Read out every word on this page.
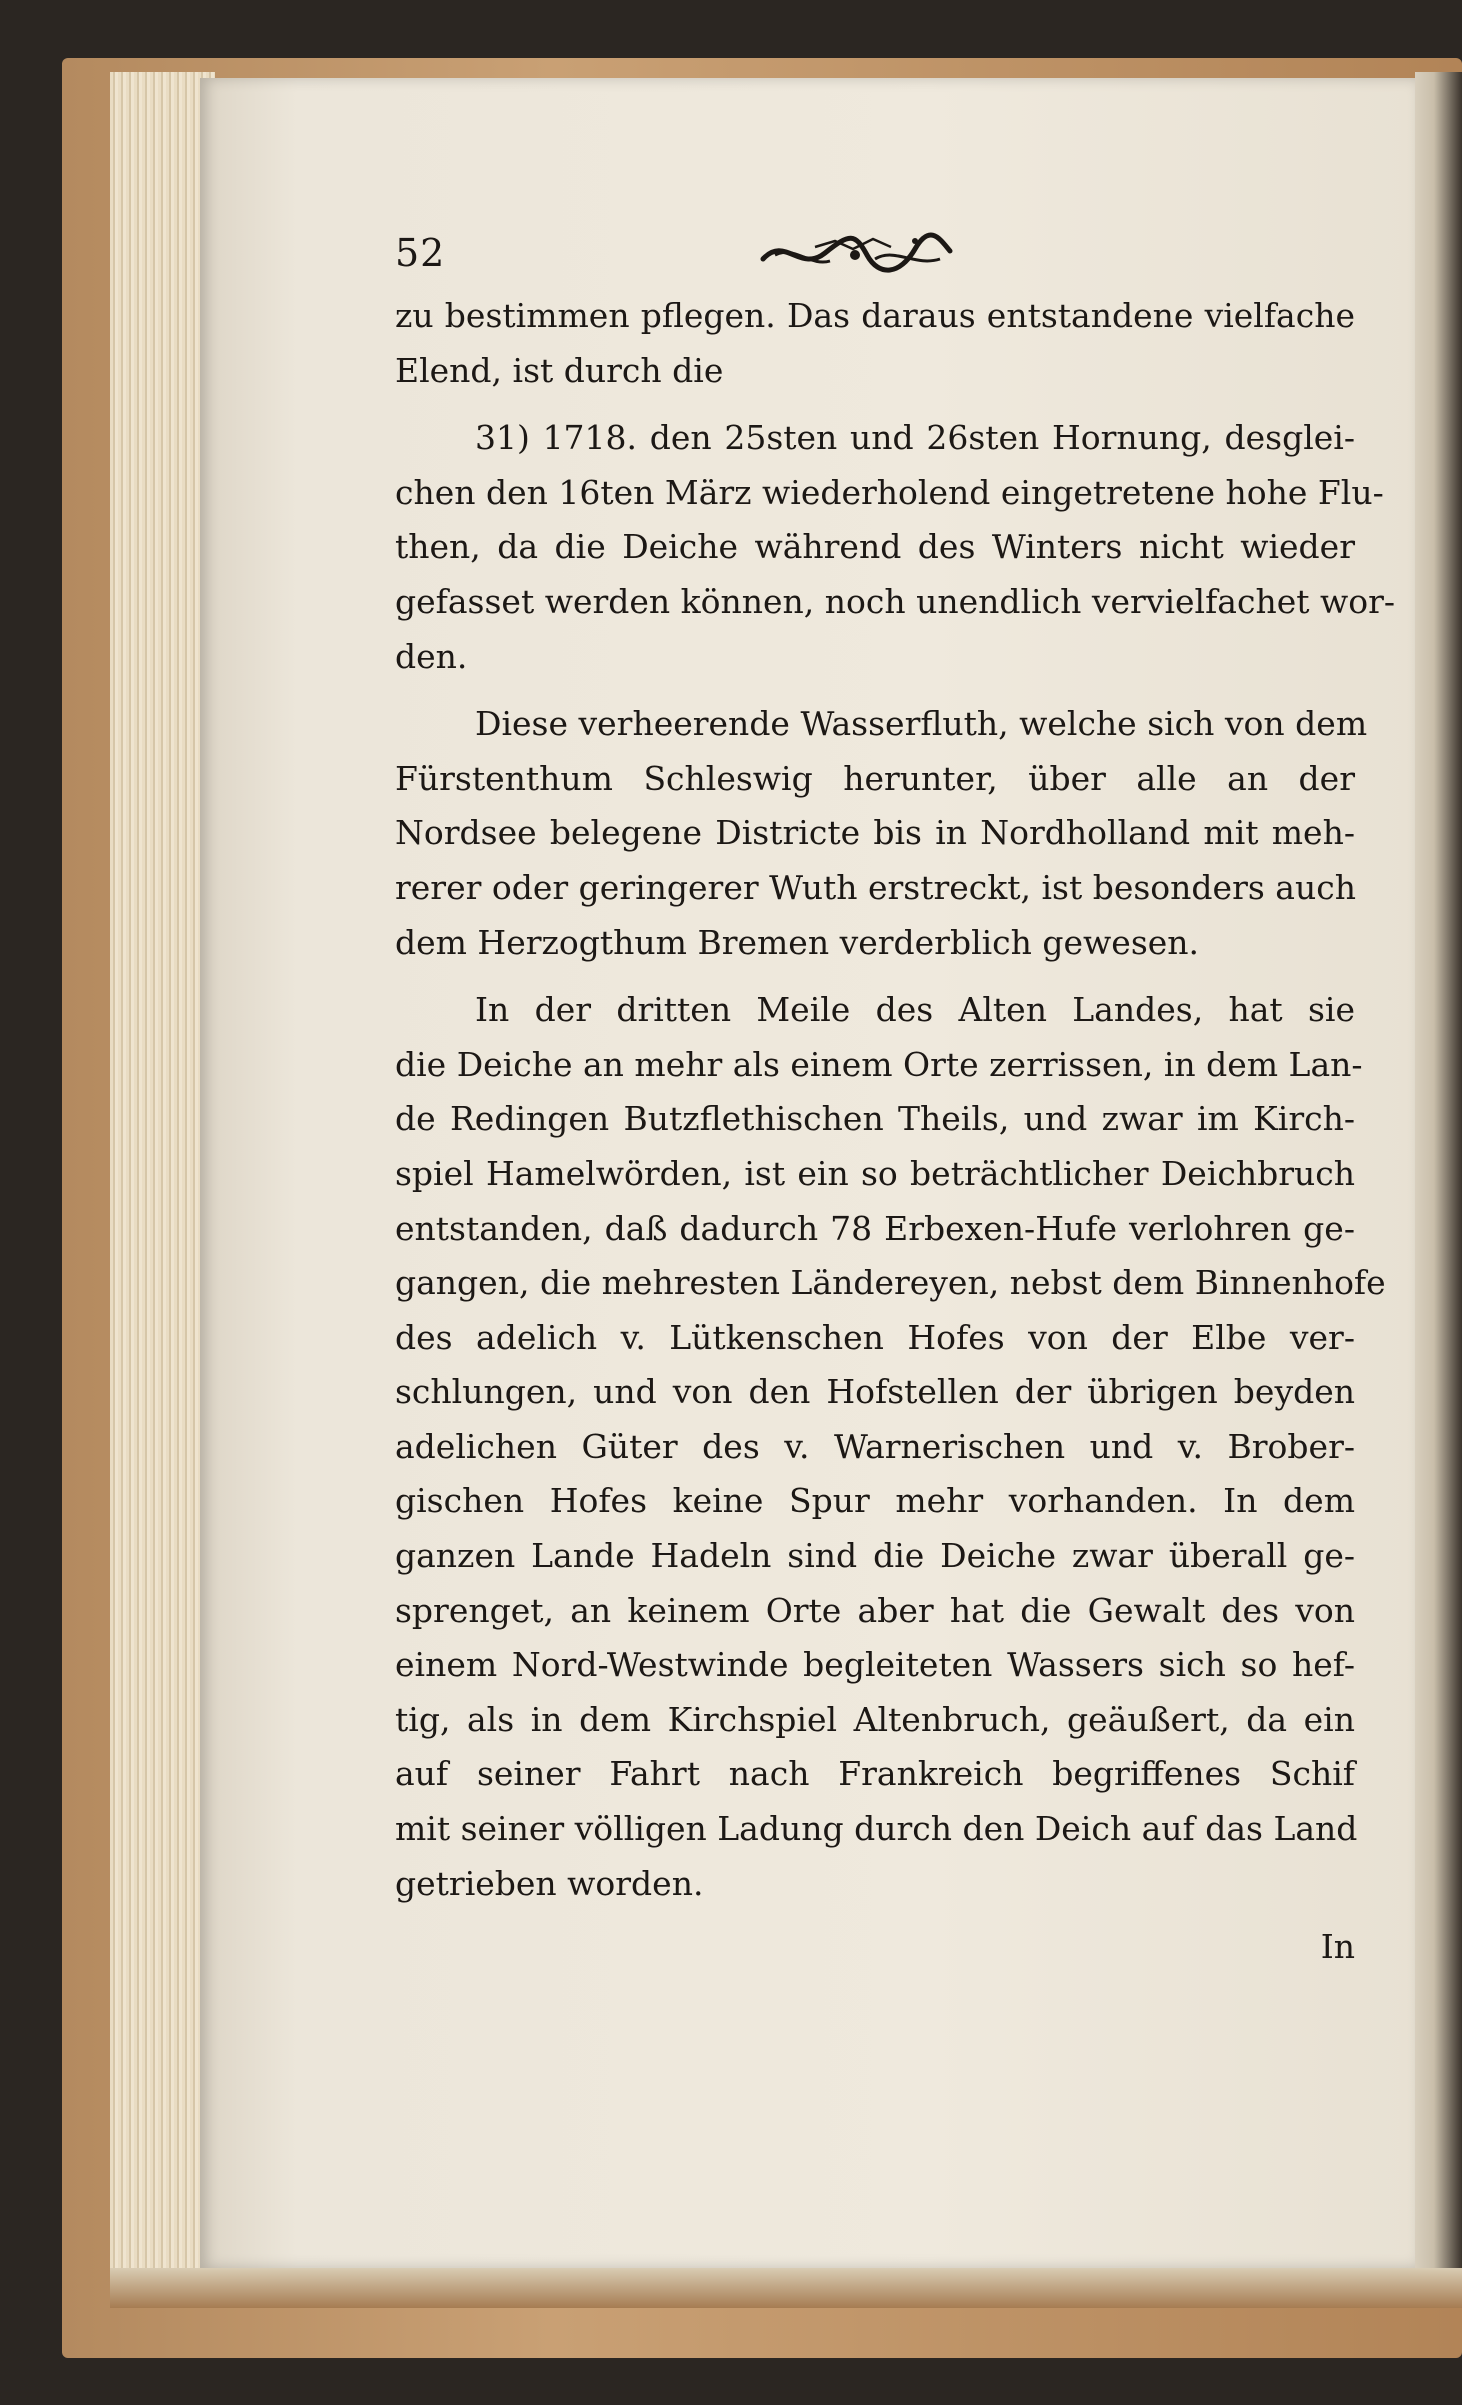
52
zu bestimmen pflegen. Das daraus entstandene vielfache
Elend, ist durch die
31) 1718. den 25sten und 26sten Hornung, desglei-
chen den 16ten März wiederholend eingetretene hohe Flu-
then, da die Deiche während des Winters nicht wieder
gefasset werden können, noch unendlich vervielfachet wor-
den.
Diese verheerende Wasserfluth, welche sich von dem
Fürstenthum Schleswig herunter, über alle an der
Nordsee belegene Districte bis in Nordholland mit meh-
rerer oder geringerer Wuth erstreckt, ist besonders auch
dem Herzogthum Bremen verderblich gewesen.
In der dritten Meile des Alten Landes, hat sie
die Deiche an mehr als einem Orte zerrissen, in dem Lan-
de Redingen Butzflethischen Theils, und zwar im Kirch-
spiel Hamelwörden, ist ein so beträchtlicher Deichbruch
entstanden, daß dadurch 78 Erbexen-Hufe verlohren ge-
gangen, die mehresten Ländereyen, nebst dem Binnenhofe
des adelich v. Lütkenschen Hofes von der Elbe ver-
schlungen, und von den Hofstellen der übrigen beyden
adelichen Güter des v. Warnerischen und v. Brober-
gischen Hofes keine Spur mehr vorhanden. In dem
ganzen Lande Hadeln sind die Deiche zwar überall ge-
sprenget, an keinem Orte aber hat die Gewalt des von
einem Nord-Westwinde begleiteten Wassers sich so hef-
tig, als in dem Kirchspiel Altenbruch, geäußert, da ein
auf seiner Fahrt nach Frankreich begriffenes Schif
mit seiner völligen Ladung durch den Deich auf das Land
getrieben worden.
In
